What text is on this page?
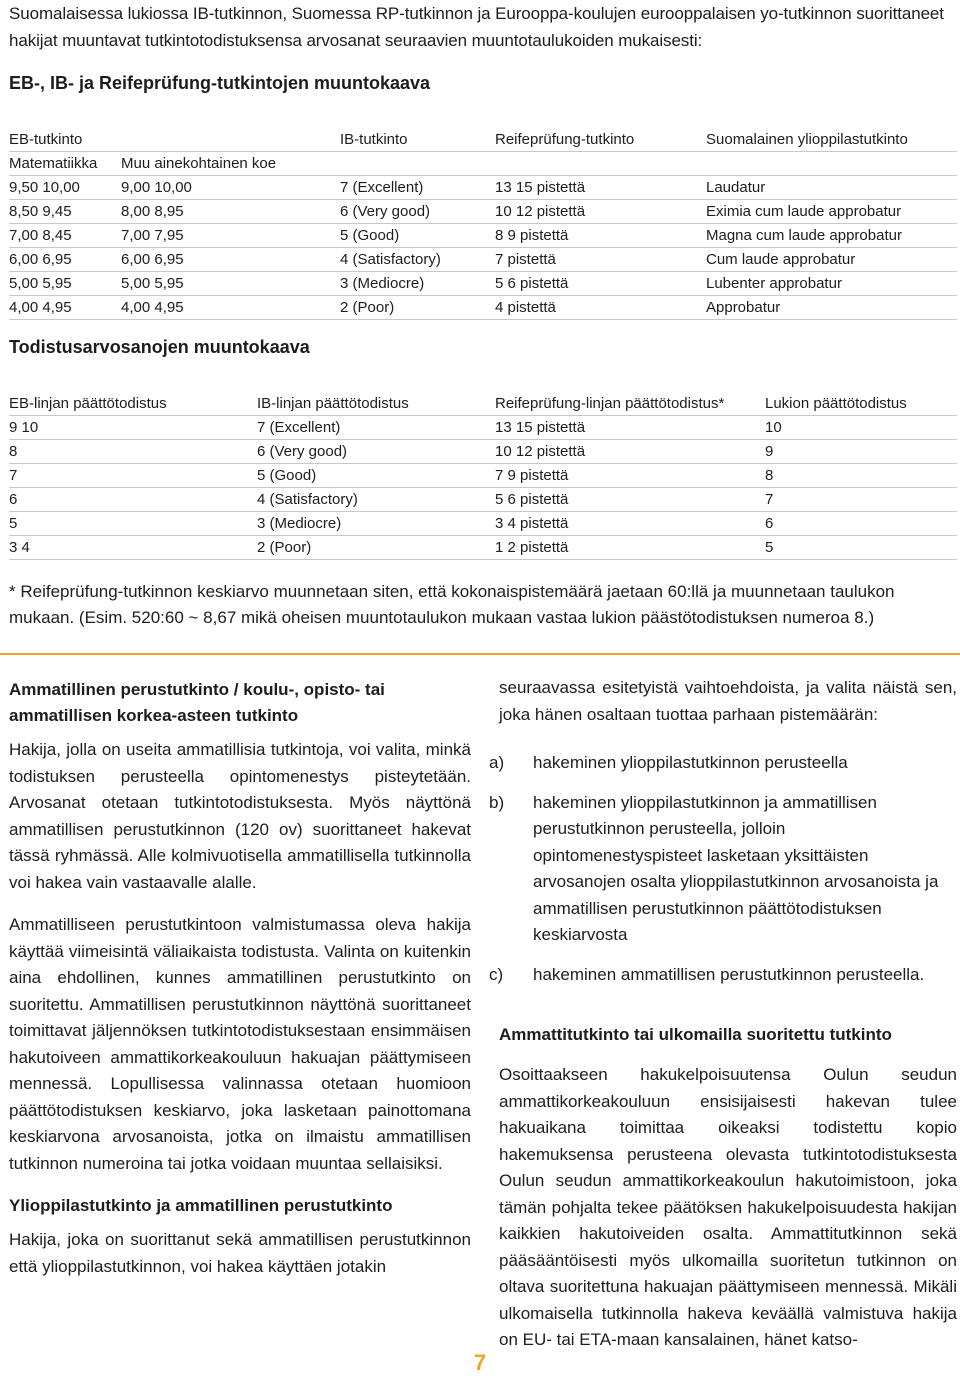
Suomalaisessa lukiossa IB-tutkinnon, Suomessa RP-tutkinnon ja Eurooppa-koulujen eurooppalaisen yo-tutkinnon suorittaneet hakijat muuntavat tutkintotodistuksensa arvosanat seuraavien muuntotaulukoiden mukaisesti:
EB-, IB- ja Reifeprüfung-tutkintojen muuntokaava
EB-tutkinto		IB-tutkinto	Reifeprüfung-tutkinto	Suomalainen ylioppilastutkinto
Matematiikka	Muu ainekohtainen koe			
9,50 10,00	9,00 10,00	7 (Excellent)	13 15 pistettä	Laudatur
8,50 9,45	8,00 8,95	6 (Very good)	10 12 pistettä	Eximia cum laude approbatur
7,00 8,45	7,00 7,95	5 (Good)	8 9 pistettä	Magna cum laude approbatur
6,00 6,95	6,00 6,95	4 (Satisfactory)	7 pistettä	Cum laude approbatur
5,00 5,95	5,00 5,95	3 (Mediocre)	5 6 pistettä	Lubenter approbatur
4,00 4,95	4,00 4,95	2 (Poor)	4 pistettä	Approbatur
Todistusarvosanojen muuntokaava
EB-linjan päättötodistus	IB-linjan päättötodistus	Reifeprüfung-linjan päättötodistus*	Lukion päättötodistus
9 10	7 (Excellent)	13 15 pistettä	10
8	6 (Very good)	10 12 pistettä	9
7	5 (Good)	7 9 pistettä	8
6	4 (Satisfactory)	5 6 pistettä	7
5	3 (Mediocre)	3 4 pistettä	6
3 4	2 (Poor)	1 2 pistettä	5
* Reifeprüfung-tutkinnon keskiarvo muunnetaan siten, että kokonaispistemäärä jaetaan 60:llä ja muunnetaan taulukon mukaan. (Esim. 520:60 ~ 8,67 mikä oheisen muuntotaulukon mukaan vastaa lukion päästötodistuksen numeroa 8.)
Ammatillinen perustutkinto / koulu-, opisto- tai ammatillisen korkea-asteen tutkinto

Hakija, jolla on useita ammatillisia tutkintoja, voi valita, minkä todistuksen perusteella opintomenestys pisteytetään. Arvosanat otetaan tutkintotodistuksesta. Myös näyttönä ammatillisen perustutkinnon (120 ov) suorittaneet hakevat tässä ryhmässä. Alle kolmivuotisella ammatillisella tutkinnolla voi hakea vain vastaavalle alalle.

Ammatilliseen perustutkintoon valmistumassa oleva hakija käyttää viimeisintä väliaikaista todistusta. Valinta on kuitenkin aina ehdollinen, kunnes ammatillinen perustutkinto on suoritettu. Ammatillisen perustutkinnon näyttönä suorittaneet toimittavat jäljennöksen tutkintotodistuksestaan ensimmäisen hakutoiveen ammattikorkeakouluun hakuajan päättymiseen mennessä. Lopullisessa valinnassa otetaan huomioon päättötodistuksen keskiarvo, joka lasketaan painottomana keskiarvona arvosanoista, jotka on ilmaistu ammatillisen tutkinnon numeroina tai jotka voidaan muuntaa sellaisiksi.

Ylioppilastutkinto ja ammatillinen perustutkinto

Hakija, joka on suorittanut sekä ammatillisen perustutkinnon että ylioppilastutkinnon, voi hakea käyttäen jotakin

seuraavassa esitetyistä vaihtoehdoista, ja valita näistä sen, joka hänen osaltaan tuottaa parhaan pistemäärän:

a) hakeminen ylioppilastutkinnon perusteella
b) hakeminen ylioppilastutkinnon ja ammatillisen perustutkinnon perusteella, jolloin opintomenestyspisteet lasketaan yksittäisten arvosanojen osalta ylioppilastutkinnon arvosanoista ja ammatillisen perustutkinnon päättötodistuksen keskiarvosta
c) hakeminen ammatillisen perustutkinnon perusteella.
Ammattitutkinto tai ulkomailla suoritettu tutkinto

Osoittaakseen hakukelpoisuutensa Oulun seudun ammattikorkeakouluun ensisijaisesti hakevan tulee hakuaikana toimittaa oikeaksi todistettu kopio hakemuksensa perusteena olevasta tutkintotodistuksesta Oulun seudun ammattikorkeakoulun hakutoimistoon, joka tämän pohjalta tekee päätöksen hakukelpoisuudesta hakijan kaikkien hakutoiveiden osalta. Ammattitutkinnon sekä pääsääntöisesti myös ulkomailla suoritetun tutkinnon on oltava suoritettuna hakuajan päättymiseen mennessä. Mikäli ulkomaisella tutkinnolla hakeva keväällä valmistuva hakija on EU- tai ETA-maan kansalainen, hänet katso-

7
